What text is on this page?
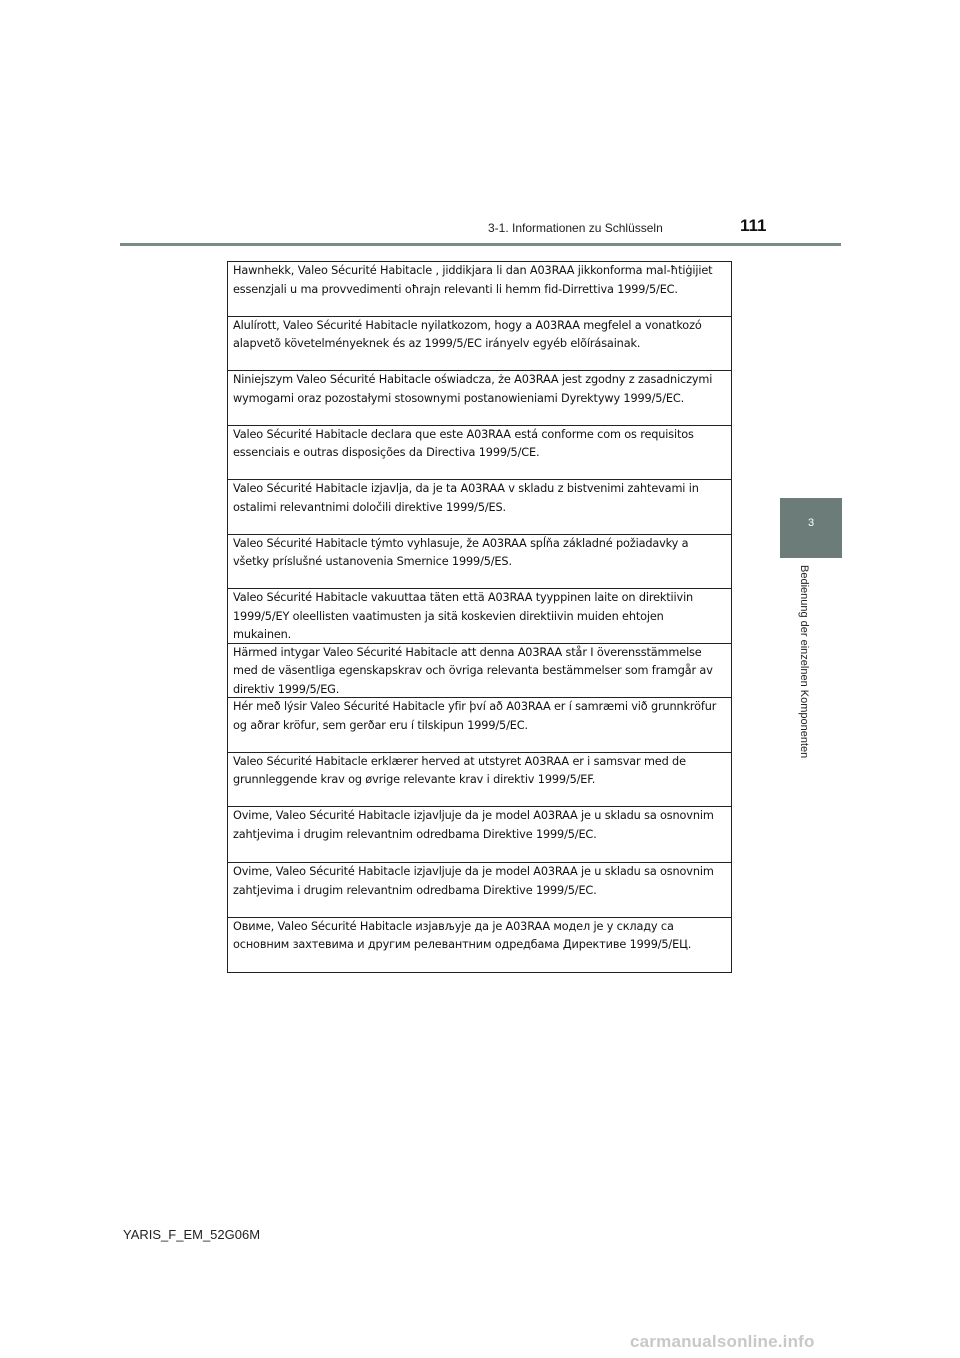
3-1. Informationen zu Schlüsseln	111
3
Bedienung der einzelnen Komponenten
Hawnhekk, Valeo Sécurité Habitacle , jiddikjara li dan A03RAA jikkonforma mal-ħtiġijiet essenzjali u ma provvedimenti oħrajn relevanti li hemm fid-Dirrettiva 1999/5/EC.
Alulírott, Valeo Sécurité Habitacle nyilatkozom, hogy a A03RAA megfelel a vonatkozó alapvetõ követelményeknek és az 1999/5/EC irányelv egyéb elõírásainak.
Niniejszym Valeo Sécurité Habitacle oświadcza, że A03RAA jest zgodny z zasadniczymi wymogami oraz pozostałymi stosownymi postanowieniami Dyrektywy 1999/5/EC.
Valeo Sécurité Habitacle declara que este A03RAA está conforme com os requisitos essenciais e outras disposições da Directiva 1999/5/CE.
Valeo Sécurité Habitacle izjavlja, da je ta A03RAA v skladu z bistvenimi zahtevami in ostalimi relevantnimi določili direktive 1999/5/ES.
Valeo Sécurité Habitacle týmto vyhlasuje, že A03RAA spĺňa základné požiadavky a všetky príslušné ustanovenia Smernice 1999/5/ES.
Valeo Sécurité Habitacle vakuuttaa täten että A03RAA tyyppinen laite on direktiivin 1999/5/EY oleellisten vaatimusten ja sitä koskevien direktiivin muiden ehtojen mukainen.
Härmed intygar Valeo Sécurité Habitacle att denna A03RAA står I överensstämmelse med de väsentliga egenskapskrav och övriga relevanta bestämmelser som framgår av direktiv 1999/5/EG.
Hér með lýsir Valeo Sécurité Habitacle yfir því að A03RAA er í samræmi við grunnkröfur og aðrar kröfur, sem gerðar eru í tilskipun 1999/5/EC.
Valeo Sécurité Habitacle erklærer herved at utstyret A03RAA er i samsvar med de grunnleggende krav og øvrige relevante krav i direktiv 1999/5/EF.
Ovime, Valeo Sécurité Habitacle izjavljuje da je model A03RAA je u skladu sa osnovnim zahtjevima i drugim relevantnim odredbama Direktive 1999/5/EC.
Ovime, Valeo Sécurité Habitacle izjavljuje da je model A03RAA je u skladu sa osnovnim zahtjevima i drugim relevantnim odredbama Direktive 1999/5/EC.
Овиме, Valeo Sécurité Habitacle изјављује да је A03RAA модел је у складу са основним захтевима и другим релевантним одредбама Директиве 1999/5/ЕЦ.
YARIS_F_EM_52G06M
carmanualsonline.info
